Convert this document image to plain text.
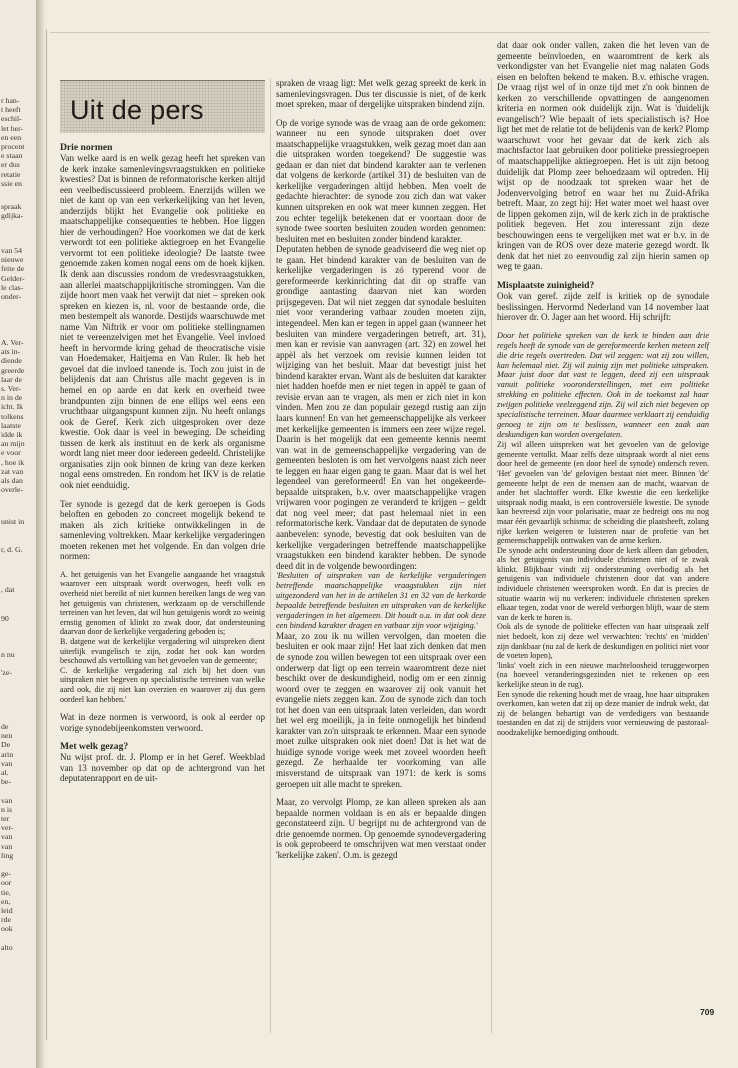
r han-
t heeft
eschil-
let her-
en een
procent
e staan
er dus
retatie
ssie en
spraak
gdijka-
van 54
nieuwe
feite de
Gelder-
le clas-
onder-
A. Ver-
ats in-
diende
greerde
laar de
s. Ver-
n in de
icht. Ik
tolkens
laatste
idde ik
an mijn
e voor
, hoe ik
zat van
als dan
overle-
unist in
r, d. G.
, dat
90
n nu
'ze-
de
nen
De
arin
van
al.
be-

van
n is
ter
ver-
van
van
ling

ge-
oor
tie,
en,
leid
rde
ook

alto
Uit de pers
Drie normen

Van welke aard is en welk gezag heeft het spreken van de kerk inzake samenlevingsvraagstukken en politieke kwesties? Dat is binnen de reformatorische kerken altijd een veelbediscussieerd probleem. Enerzijds willen we niet de kant op van een verkerkelijking van het leven, anderzijds blijkt het Evangelie ook politieke en maatschappelijke consequenties te hebben. Hoe liggen hier de verhoudingen? Hoe voorkomen we dat de kerk verwordt tot een politieke aktiegroep en het Evangelie vervormt tot een politieke ideologie? De laatste twee genoemde zaken komen nogal eens om de hoek kijken. Ik denk aan discussies rondom de vredesvraagstukken, aan allerlei maatschappijkritische strominggen. Van die zijde hoort men vaak het verwijt dat niet – spreken ook spreken en kiezen is, nl. voor de bestaande orde, die men bestempelt als wanorde. Destijds waarschuwde met name Van Niftrik er voor om politieke stellingnamen niet te vereenzelvigen met het Evangelie. Veel invloed heeft in hervormde kring gehad de theocratische visie van Hoedemaker, Haitjema en Van Ruler. Ik heb het gevoel dat die invloed tanende is. Toch zou juist in de belijdenis dat aan Christus alle macht gegeven is in hemel en op aarde en dat kerk en overheid twee brandpunten zijn binnen de ene ellips wel eens een vruchtbaar uitgangspunt kunnen zijn. Nu heeft onlangs ook de Geref. Kerk zich uitgesproken over deze kwestie. Ook daar is veel in beweging. De scheiding tussen de kerk als instituut en de kerk als organisme wordt lang niet meer door iedereen gedeeld. Christelijke organisaties zijn ook binnen de kring van deze kerken nogal eens omstreden. En rondom het IKV is de relatie ook niet eenduidig.

Ter synode is gezegd dat de kerk geroepen is Gods beloften en geboden zo concreet mogelijk bekend te maken als zich kritieke ontwikkelingen in de samenleving voltrekken. Maar kerkelijke vergaderingen moeten rekenen met het volgende. En dan volgen drie normen:

A. het getuigenis van het Evangelie aangaande het vraagstuk waarover een uitspraak wordt overwogen, heeft volk en overheid niet bereikt of niet kunnen bereiken langs de weg van het getuigenis van christenen, werkzaam op de verschillende terreinen van het leven, dat wil hun getuigenis wordt zo weinig ernstig genomen of klinkt zo zwak door, dat ondersteuning daarvan door de kerkelijke vergadering geboden is;

B. datgene wat de kerkelijke vergadering wil uitspreken dient uiterlijk evangelisch te zijn, zodat het ook kan worden beschouwd als vertolking van het gevoelen van de gemeente;

C. de kerkelijke vergadering zal zich bij het doen van uitspraken niet begeven op specialistische terreinen van welke aard ook, die zij niet kan overzien en waarover zij dus geen oordeel kan hebben.'

Wat in deze normen is verwoord, is ook al eerder op vorige synodebijeenkomsten verwoord.

Met welk gezag?

Nu wijst prof. dr. J. Plomp er in het Geref. Weekblad van 13 november op dat op de achtergrond van het deputatenrapport en de uit-

spraken de vraag ligt: Met welk gezag spreekt de kerk in samenlevingsvragen. Dus ter discussie is niet, of de kerk moet spreken, maar of dergelijke uitspraken bindend zijn.

Op de vorige synode was de vraag aan de orde gekomen: wanneer nu een synode uitspraken doet over maatschappelijke vraagstukken, welk gezag moet dan aan die uitspraken worden toegekend? De suggestie was gedaan er dan niet dat bindend karakter aan te verlenen dat volgens de kerkorde (artikel 31) de besluiten van de kerkelijke vergaderingen altijd hebben. Men voelt de gedachte hierachter: de synode zou zich dan wat vaker kunnen uitspreken en ook wat meer kunnen zeggen. Het zou echter tegelijk betekenen dat er voortaan door de synode twee soorten besluiten zouden worden genomen: besluiten met en besluiten zonder bindend karakter.

Deputaten hebben de synode geadviseerd die weg niet op te gaan. Het bindend karakter van de besluiten van de kerkelijke vergaderingen is zó typerend voor de gereformeerde kerkinrichting dat dit op straffe van grondige aantasting daarvan niet kan worden prijsgegeven. Dat wil niet zeggen dat synodale besluiten niet voor verandering vatbaar zouden moeten zijn, integendeel. Men kan er tegen in appel gaan (wanneer het besluiten van mindere vergaderingen betreft, art. 31), men kan er revisie van aanvragen (art. 32) en zowel het appèl als het verzoek om revisie kunnen leiden tot wijziging van het besluit. Maar dat bevestigt juist het bindend karakter ervan. Want als de besluiten dat karakter niet hadden hoefde men er niet tegen in appèl te gaan of revisie ervan aan te vragen, als men er zich niet in kon vinden. Men zou ze dan populair gezegd rustig aan zijn laars kunnen! En van het gemeenschappelijke als verkeer met kerkelijke gemeenten is immers een zeer wijze regel. Daarin is het mogelijk dat een gemeente kennis neemt van wat in de gemeenschappelijke vergadering van de gemeenten besloten is om het vervolgens naast zich neer te leggen en haar eigen gang te gaan. Maar dat is wel het legendeel van gereformeerd! En van het ongekeerde-bepaalde uitspraken, b.v. over maatschappelijke vragen vrijwaren voor pogingen ze veranderd te krijgen – geldt dat nog veel meer; dat past helemaal niet in een reformatorische kerk. Vandaar dat de deputaten de synode aanbevelen: synode, bevestig dat ook besluiten van de kerkelijke vergaderingen betreffende maatschappelijke vraagstukken een bindend karakter hebben. De synode deed dit in de volgende bewoordingen:

'Besluiten of uitspraken van de kerkelijke vergaderingen betreffende maatschappelijke vraagstukken zijn niet uitgezonderd van het in de artikelen 31 en 32 van de kerkorde bepaalde betreffende besluiten en uitspraken van de kerkelijke vergaderingen in het algemeen. Dit houdt o.a. in dat ook deze een bindend karakter dragen en vatbaar zijn voor wijziging.'

Maar, zo zou ik nu willen vervolgen, dan moeten die besluiten er ook maar zijn! Het laat zich denken dat men de synode zou willen bewegen tot een uitspraak over een onderwerp dat ligt op een terrein waaromtrent deze niet beschikt over de deskundigheid, nodig om er een zinnig woord over te zeggen en waarover zij ook vanuit het evangelie niets zeggen kan. Zou de synode zich dan toch tot het doen van een uitspraak laten verleiden, dan wordt het wel erg moeilijk, ja in feite onmogelijk het bindend karakter van zo'n uitspraak te erkennen. Maar een synode moet zulke uitspraken ook niet doen! Dat is het wat de huidige synode vorige week met zoveel woorden heeft gezegd. Ze herhaalde ter voorkoming van alle misverstand de uitspraak van 1971: de kerk is soms geroepen uit alle macht te spreken.

Maar, zo vervolgt Plomp, ze kan alleen spreken als aan bepaalde normen voldaan is en als er bepaalde dingen geconstateerd zijn. U begrijpt nu de achtergrond van de drie genoemde normen. Op genoemde synodevergadering is ook geprobeerd te omschrijven wat men verstaat onder 'kerkelijke zaken'. O.m. is gezegd

dat daar ook onder vallen, zaken die het leven van de gemeente beïnvloeden, en waaromtrent de kerk als verkondigster van het Evangelie niet mag nalaten Gods eisen en beloften bekend te maken. B.v. ethische vragen. De vraag rijst wel of in onze tijd met z'n ook binnen de kerken zo verschillende opvattingen de aangenomen kriteria en normen ook duidelijk zijn. Wat is 'duidelijk evangelisch'? Wie bepaalt of iets specialistisch is? Hoe ligt het met de relatie tot de belijdenis van de kerk? Plomp waarschuwt voor het gevaar dat de kerk zich als machtsfactor laat gebruiken door politieke pressiegroepen of maatschappelijke aktiegroepen. Het is uit zijn betoog duidelijk dat Plomp zeer behoedzaam wil optreden. Hij wijst op de noodzaak tot spreken waar het de Jodenvervolging betrof en waar het nu Zuid-Afrika betreft. Maar, zo zegt hij: Het water moet wel haast over de lippen gekomen zijn, wil de kerk zich in de praktische politiek begeven. Het zou interessant zijn deze beschouwingen eens te vergelijken met wat er b.v. in de kringen van de ROS over deze materie gezegd wordt. Ik denk dat het niet zo eenvoudig zal zijn hierin samen op weg te gaan.

Misplaatste zuinigheid?

Ook van geref. zijde zelf is kritiek op de synodale beslissingen. Hervormd Nederland van 14 november laat hierover dr. O. Jager aan het woord. Hij schrijft:

Door het politieke spreken van de kerk te binden aan drie regels heeft de synode van de gereformeerde kerken meteen zelf die drie regels overtreden. Dat wil zeggen: wat zij zou willen, kan helemaal niet. Zij wil zuinig zijn met politieke uitspraken. Maar juist door dat vast te leggen, deed zij een uitspraak vanuit politieke vooronderstellingen, met een politieke strekking en politieke effecten. Ook in de toekomst zal haar zwijgen politieke veelzeggend zijn. Zij wil zich niet begeven op specialistische terreinen. Maar daarmee verklaart zij eenduidig genoeg te zijn om te beslissen, wanneer een zaak aan deskundigen kan worden overgelaten.

Zij wil alleen uitspreken wat het gevoelen van de gelovige gemeente vertolkt. Maar zelfs deze uitspraak wordt al niet eens door heel de gemeente (en door heel de synode) ondersch reven. 'Het' gevoelen van 'de' gelovigen bestaat niet meer. Binnen 'de' gemeente helpt de een de mensen aan de macht, waarvan de ander het slachtoffer wordt. Elke kwestie die een kerkelijke uitspraak nodig maakt, is een controversiële kwestie. De synode kan bevreesd zijn voor polarisatie, maar ze bedreigt ons nu nog maar één gevaarlijk schisma: de scheiding die plaatsheeft, zolang rijke kerken weigeren te luisteren naar de profetie van het gemeenschappelijk onttwaken van de arme kerken.

De synode acht ondersteuning door de kerk alleen dan geboden, als het getuigenis van individuele christenen niet of te zwak klinkt. Blijkbaar vindt zij ondersteuning overbodig als het getuigenis van individuele christenen door dat van andere individuele christenen weersproken wordt. En dat is precies de situatie waarin wij nu verkeren: individuele christenen spreken elkaar tegen, zodat voor de wereld verborgen blijft, waar de stem van de kerk te horen is.

Ook als de synode de politieke effecten van haar uitspraak zelf niet bedoelt, kon zij deze wel verwachten: 'rechts' en 'midden' zijn dankbaar (nu zal de kerk de deskundigen en politici niet voor de voeten lopen),

'links' voelt zich in een nieuwe machteloosheid teruggeworpen (na hoeveel veranderingsgezinden niet te rekenen op een kerkelijke steun in de rug).

Een synode die rekening houdt met de vraag, hoe haar uitspraken overkomen, kan weten dat zij op deze manier de indruk wekt, dat zij de belangen behartigt van de verdedigers van bestaande toestanden en dat zij de strijders voor vernieuwing de pastoraal-noodzakelijke bemoediging onthoudt.

709
